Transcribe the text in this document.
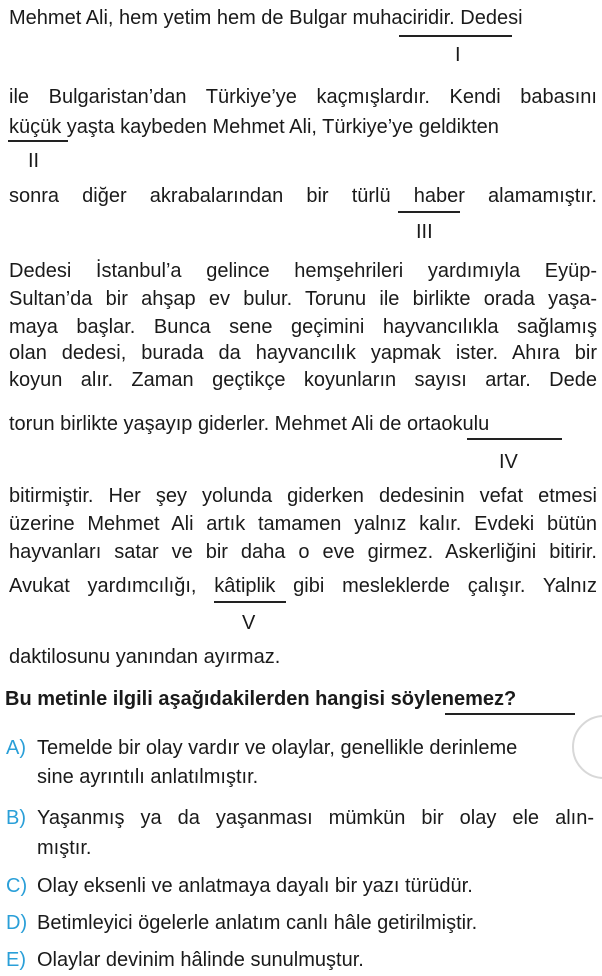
Mehmet Ali, hem yetim hem de Bulgar muhaciridir. Dedesi
I
ile Bulgaristan’dan Türkiye’ye kaçmışlardır. Kendi babasını
küçük yaşta kaybeden Mehmet Ali, Türkiye’ye geldikten
II
sonra diğer akrabalarından bir türlü haber alamamıştır.
III
Dedesi İstanbul’a gelince hemşehrileri yardımıyla Eyüp-
Sultan’da bir ahşap ev bulur. Torunu ile birlikte orada yaşa-
maya başlar. Bunca sene geçimini hayvancılıkla sağlamış
olan dedesi, burada da hayvancılık yapmak ister. Ahıra bir
koyun alır. Zaman geçtikçe koyunların sayısı artar. Dede
torun birlikte yaşayıp giderler. Mehmet Ali de ortaokulu
IV
bitirmiştir. Her şey yolunda giderken dedesinin vefat etmesi
üzerine Mehmet Ali artık tamamen yalnız kalır. Evdeki bütün
hayvanları satar ve bir daha o eve girmez. Askerliğini bitirir.
Avukat yardımcılığı, kâtiplik gibi mesleklerde çalışır. Yalnız
V
daktilosunu yanından ayırmaz.
Bu metinle ilgili aşağıdakilerden hangisi söylenemez?
A) Temelde bir olay vardır ve olaylar, genellikle derinleme
sine ayrıntılı anlatılmıştır.
B) Yaşanmış ya da yaşanması mümkün bir olay ele alın-
mıştır.
C) Olay eksenli ve anlatmaya dayalı bir yazı türüdür.
D) Betimleyici ögelerle anlatım canlı hâle getirilmiştir.
E) Olaylar devinim hâlinde sunulmuştur.
